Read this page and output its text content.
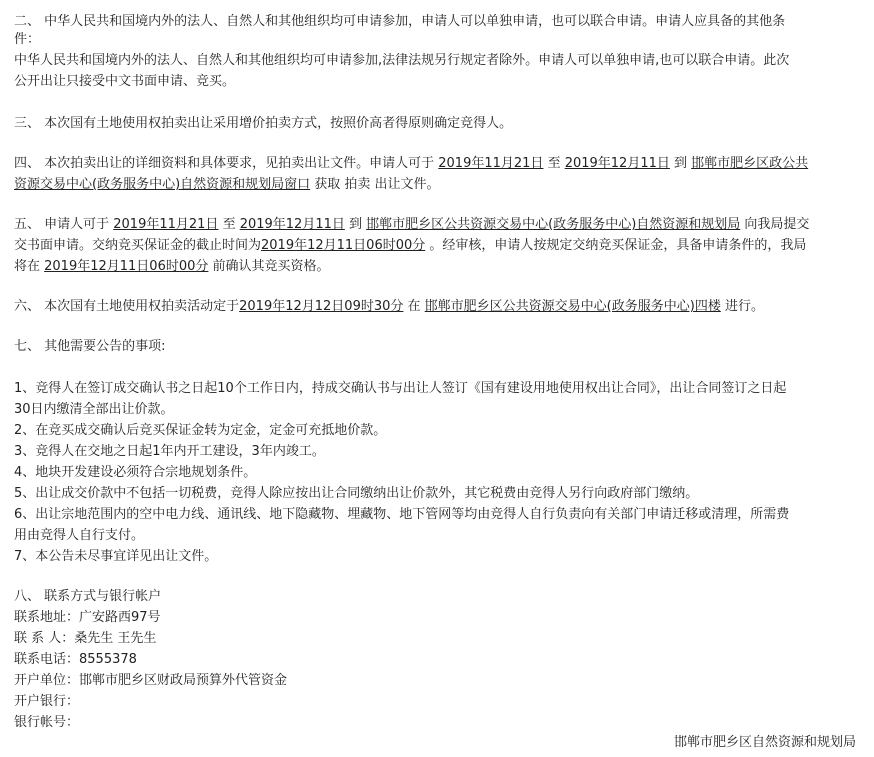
二、 中华人民共和国境内外的法人、自然人和其他组织均可申请参加，申请人可以单独申请，也可以联合申请。申请人应具备的其他条
件：
中华人民共和国境内外的法人、自然人和其他组织均可申请参加,法律法规另行规定者除外。申请人可以单独申请,也可以联合申请。此次
公开出让只接受中文书面申请、竞买。
三、 本次国有土地使用权拍卖出让采用增价拍卖方式，按照价高者得原则确定竞得人。
四、 本次拍卖出让的详细资料和具体要求，见拍卖出让文件。申请人可于 2019年11月21日 至 2019年12月11日 到 邯郸市肥乡区政公共
资源交易中心(政务服务中心)自然资源和规划局窗口 获取 拍卖 出让文件。
五、 申请人可于 2019年11月21日 至 2019年12月11日 到 邯郸市肥乡区公共资源交易中心(政务服务中心)自然资源和规划局 向我局提交
交书面申请。交纳竞买保证金的截止时间为2019年12月11日06时00分 。经审核，申请人按规定交纳竞买保证金，具备申请条件的，我局
将在 2019年12月11日06时00分 前确认其竞买资格。
六、 本次国有土地使用权拍卖活动定于2019年12月12日09时30分 在 邯郸市肥乡区公共资源交易中心(政务服务中心)四楼 进行。
七、 其他需要公告的事项:
1、竞得人在签订成交确认书之日起10个工作日内，持成交确认书与出让人签订《国有建设用地使用权出让合同》，出让合同签订之日起
30日内缴清全部出让价款。
2、在竞买成交确认后竞买保证金转为定金，定金可充抵地价款。
3、竞得人在交地之日起1年内开工建设，3年内竣工。
4、地块开发建设必须符合宗地规划条件。
5、出让成交价款中不包括一切税费，竞得人除应按出让合同缴纳出让价款外，其它税费由竞得人另行向政府部门缴纳。
6、出让宗地范围内的空中电力线、通讯线、地下隐藏物、埋藏物、地下管网等均由竞得人自行负责向有关部门申请迁移或清理，所需费
用由竞得人自行支付。
7、本公告未尽事宜详见出让文件。
八、 联系方式与银行帐户
联系地址：广安路西97号
联 系 人：桑先生 王先生
联系电话：8555378
开户单位：邯郸市肥乡区财政局预算外代管资金
开户银行：
银行帐号：
邯郸市肥乡区自然资源和规划局
